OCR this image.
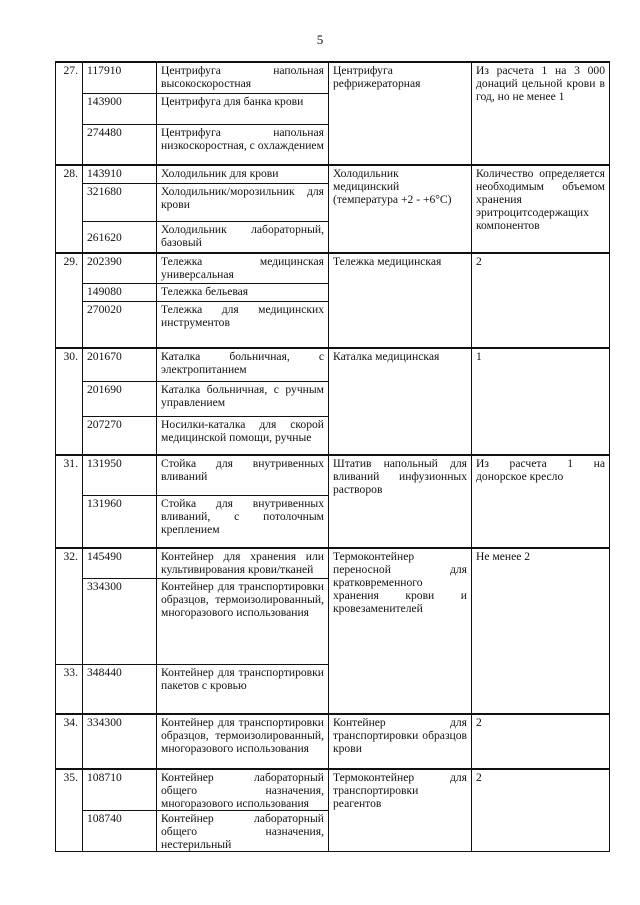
5
27.	117910	Центрифуга напольная высокоскоростная	Центрифуга рефрижераторная	Из расчета 1 на 3 000 донаций цельной крови в год, но не менее 1
	143900	Центрифуга для банка крови		
	274480	Центрифуга напольная низкоскоростная, с охлаждением		
28.	143910	Холодильник для крови	Холодильник медицинский (температура +2 - +6°С)	Количество определяется необходимым объемом хранения эритроцитсодержащих компонентов
	321680	Холодильник/морозильник для крови		
	261620	Холодильник лабораторный, базовый		
29.	202390	Тележка медицинская универсальная	Тележка медицинская	2
	149080	Тележка бельевая		
	270020	Тележка для медицинских инструментов		
30.	201670	Каталка больничная, с электропитанием	Каталка медицинская	1
	201690	Каталка больничная, с ручным управлением		
	207270	Носилки-каталка для скорой медицинской помощи, ручные		
31.	131950	Стойка для внутривенных вливаний	Штатив напольный для вливаний инфузионных растворов	Из расчета 1 на донорское кресло
	131960	Стойка для внутривенных вливаний, с потолочным креплением		
32.	145490	Контейнер для хранения или культивирования крови/тканей	Термоконтейнер переносной для кратковременного хранения крови и кровезаменителей	Не менее 2
	334300	Контейнер для транспортировки образцов, термоизолированный, многоразового использования		
33.	348440	Контейнер для транспортировки пакетов с кровью		
34.	334300	Контейнер для транспортировки образцов, термоизолированный, многоразового использования	Контейнер для транспортировки образцов крови	2
35.	108710	Контейнер лабораторный общего назначения, многоразового использования	Термоконтейнер для транспортировки реагентов	2
	108740	Контейнер лабораторный общего назначения, нестерильный		
